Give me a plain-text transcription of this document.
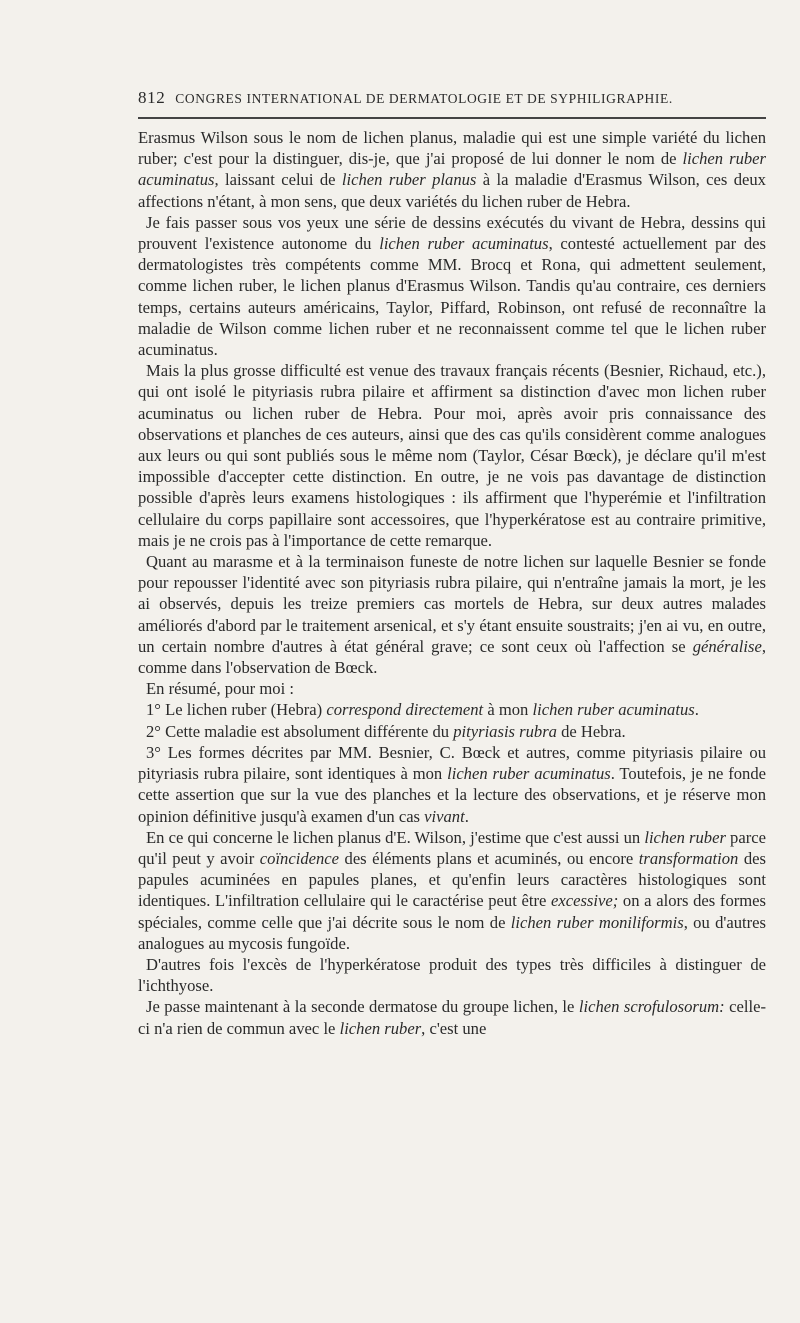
812 CONGRES INTERNATIONAL DE DERMATOLOGIE ET DE SYPHILIGRAPHIE.

Erasmus Wilson sous le nom de lichen planus, maladie qui est une simple variété du lichen ruber; c'est pour la distinguer, dis-je, que j'ai proposé de lui donner le nom de lichen ruber acuminatus, laissant celui de lichen ruber planus à la maladie d'Erasmus Wilson, ces deux affections n'étant, à mon sens, que deux variétés du lichen ruber de Hebra.

Je fais passer sous vos yeux une série de dessins exécutés du vivant de Hebra, dessins qui prouvent l'existence autonome du lichen ruber acuminatus, contesté actuellement par des dermatologistes très compétents comme MM. Brocq et Rona, qui admettent seulement, comme lichen ruber, le lichen planus d'Erasmus Wilson. Tandis qu'au contraire, ces derniers temps, certains auteurs américains, Taylor, Piffard, Robinson, ont refusé de reconnaître la maladie de Wilson comme lichen ruber et ne reconnaissent comme tel que le lichen ruber acuminatus.

Mais la plus grosse difficulté est venue des travaux français récents (Besnier, Richaud, etc.), qui ont isolé le pityriasis rubra pilaire et affirment sa distinction d'avec mon lichen ruber acuminatus ou lichen ruber de Hebra. Pour moi, après avoir pris connaissance des observations et planches de ces auteurs, ainsi que des cas qu'ils considèrent comme analogues aux leurs ou qui sont publiés sous le même nom (Taylor, César Bœck), je déclare qu'il m'est impossible d'accepter cette distinction. En outre, je ne vois pas davantage de distinction possible d'après leurs examens histologiques : ils affirment que l'hyperémie et l'infiltration cellulaire du corps papillaire sont accessoires, que l'hyperkératose est au contraire primitive, mais je ne crois pas à l'importance de cette remarque.

Quant au marasme et à la terminaison funeste de notre lichen sur laquelle Besnier se fonde pour repousser l'identité avec son pityriasis rubra pilaire, qui n'entraîne jamais la mort, je les ai observés, depuis les treize premiers cas mortels de Hebra, sur deux autres malades améliorés d'abord par le traitement arsenical, et s'y étant ensuite soustraits; j'en ai vu, en outre, un certain nombre d'autres à état général grave; ce sont ceux où l'affection se généralise, comme dans l'observation de Bœck.

En résumé, pour moi :

1° Le lichen ruber (Hebra) correspond directement à mon lichen ruber acuminatus.

2° Cette maladie est absolument différente du pityriasis rubra de Hebra.

3° Les formes décrites par MM. Besnier, C. Bœck et autres, comme pityriasis pilaire ou pityriasis rubra pilaire, sont identiques à mon lichen ruber acuminatus. Toutefois, je ne fonde cette assertion que sur la vue des planches et la lecture des observations, et je réserve mon opinion définitive jusqu'à examen d'un cas vivant.

En ce qui concerne le lichen planus d'E. Wilson, j'estime que c'est aussi un lichen ruber parce qu'il peut y avoir coïncidence des éléments plans et acuminés, ou encore transformation des papules acuminées en papules planes, et qu'enfin leurs caractères histologiques sont identiques. L'infiltration cellulaire qui le caractérise peut être excessive; on a alors des formes spéciales, comme celle que j'ai décrite sous le nom de lichen ruber moniliformis, ou d'autres analogues au mycosis fungoïde.

D'autres fois l'excès de l'hyperkératose produit des types très difficiles à distinguer de l'ichthyose.

Je passe maintenant à la seconde dermatose du groupe lichen, le lichen scrofulosorum: celle-ci n'a rien de commun avec le lichen ruber, c'est une
